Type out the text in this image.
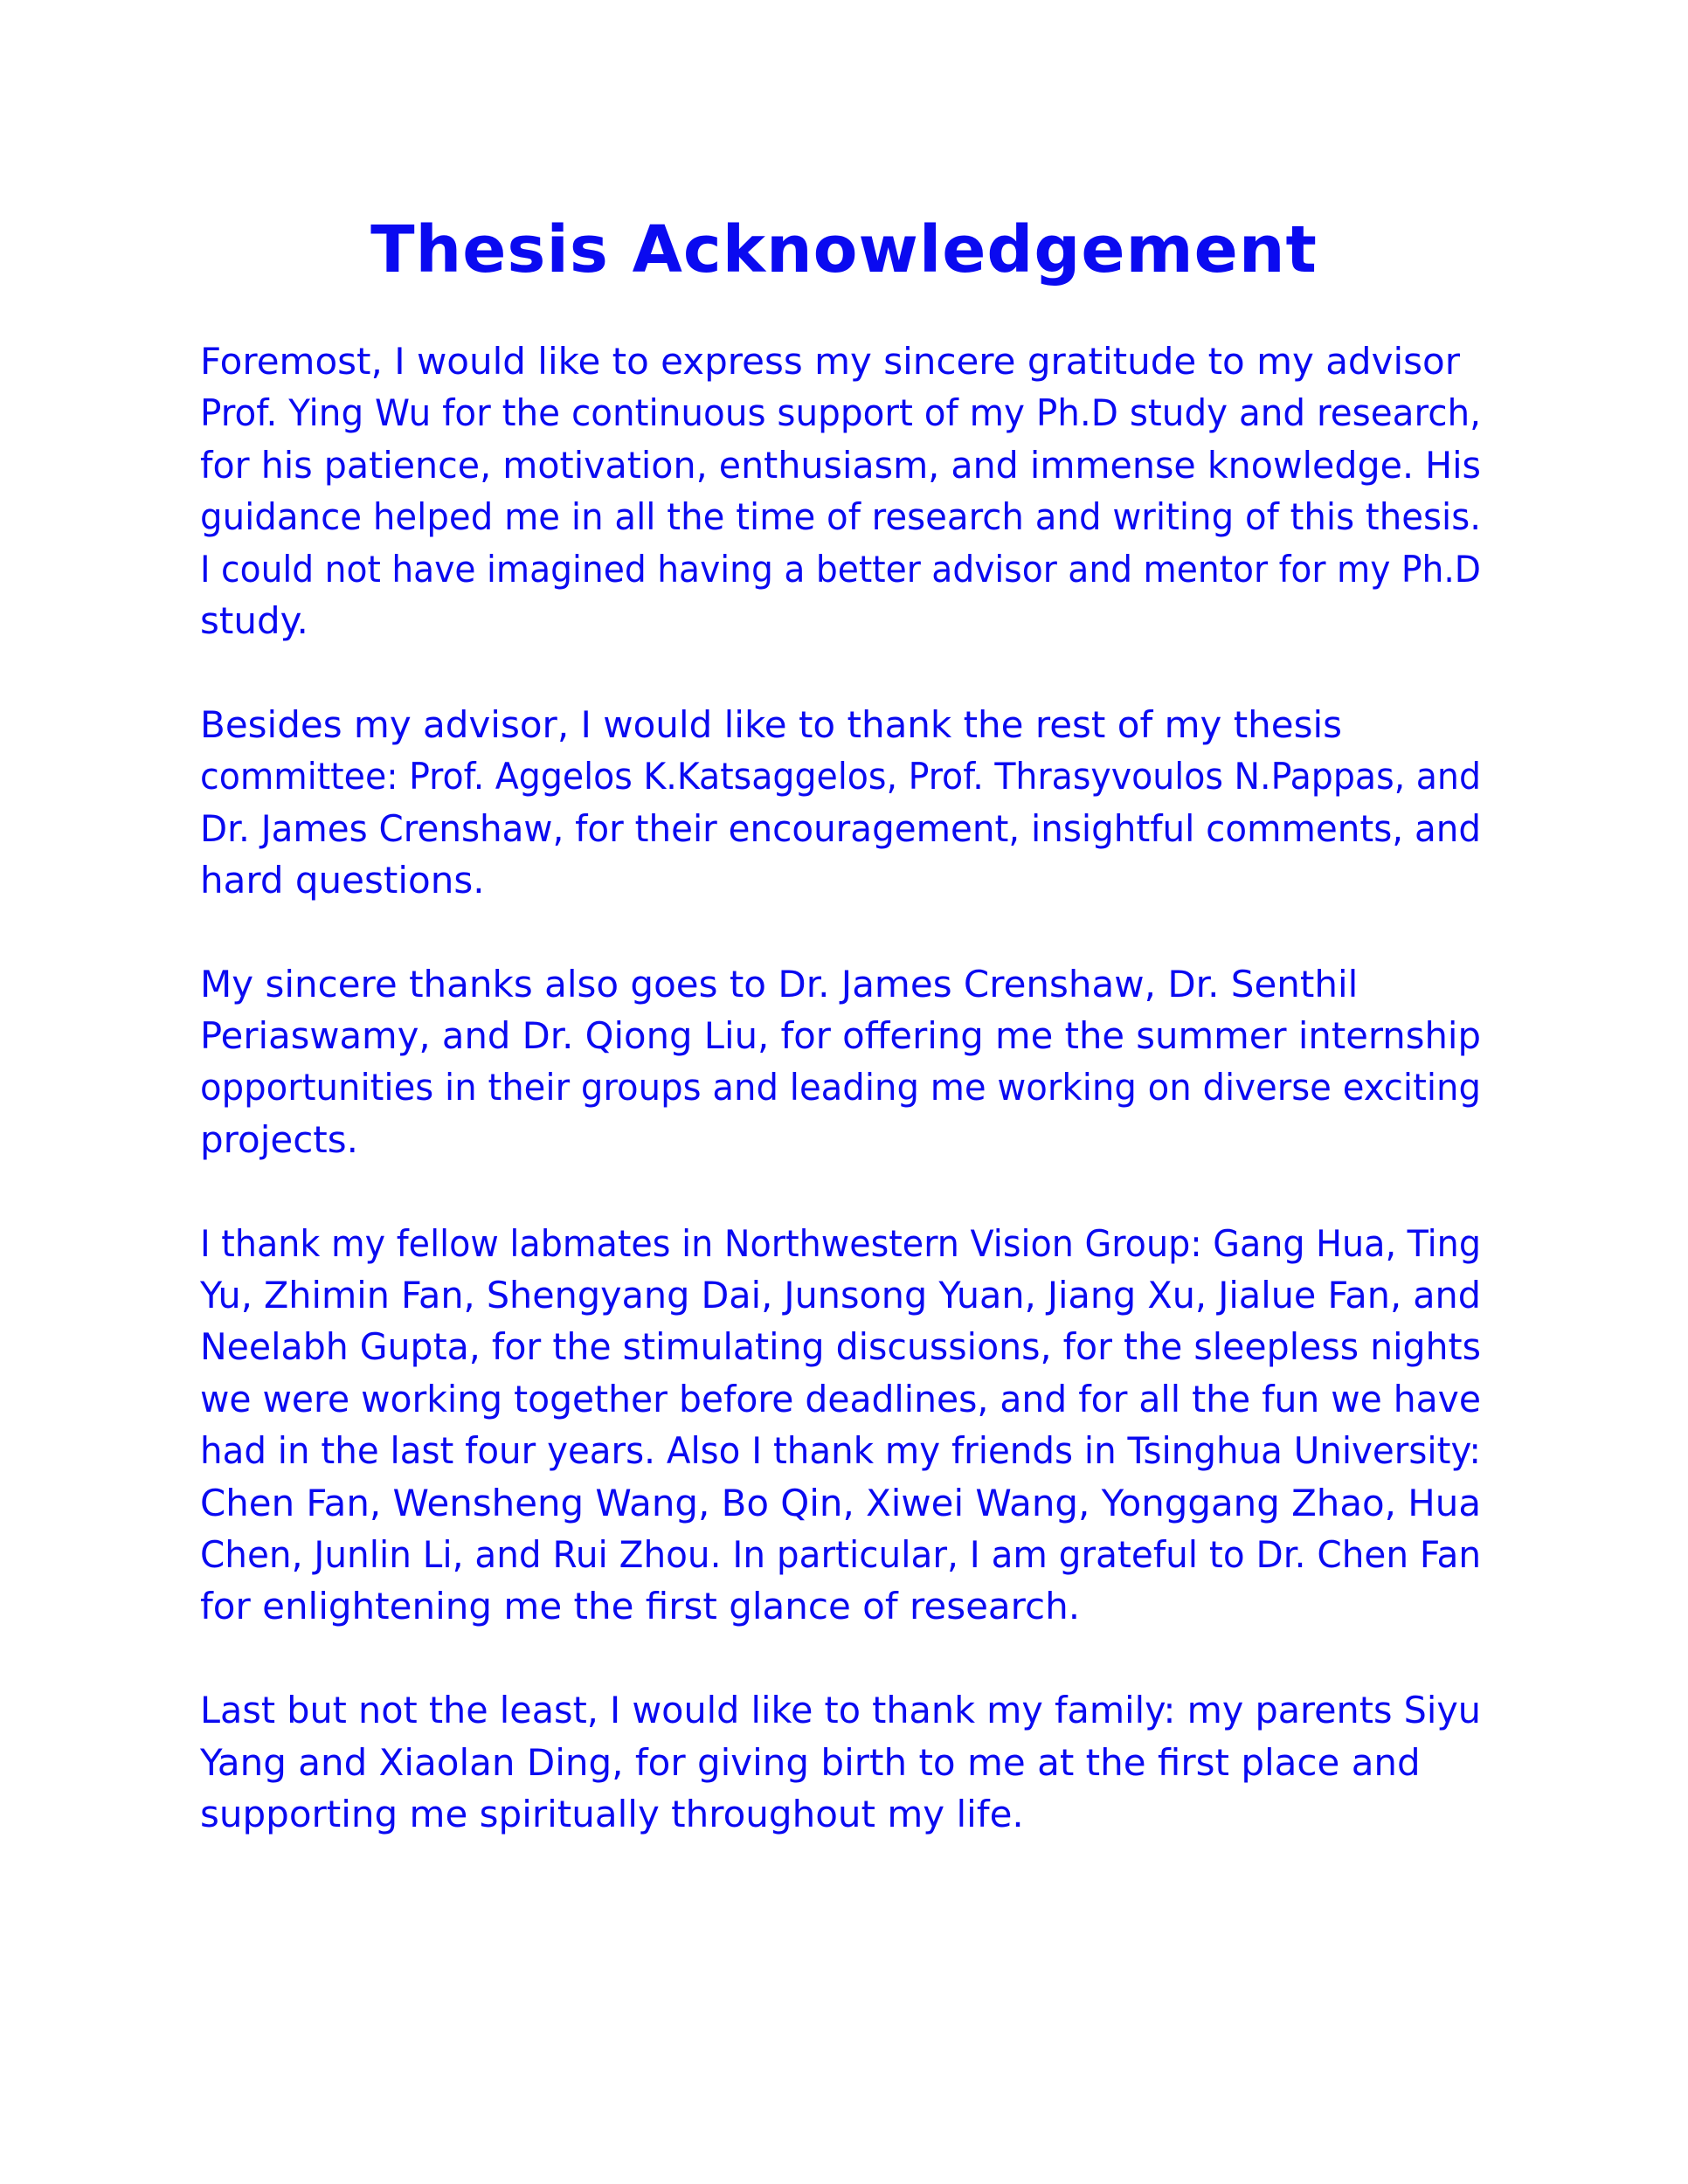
Thesis Acknowledgement

Foremost, I would like to express my sincere gratitude to my advisor
Prof. Ying Wu for the continuous support of my Ph.D study and research,
for his patience, motivation, enthusiasm, and immense knowledge. His
guidance helped me in all the time of research and writing of this thesis.
I could not have imagined having a better advisor and mentor for my Ph.D
study.

Besides my advisor, I would like to thank the rest of my thesis
committee: Prof. Aggelos K.Katsaggelos, Prof. Thrasyvoulos N.Pappas, and
Dr. James Crenshaw, for their encouragement, insightful comments, and
hard questions.

My sincere thanks also goes to Dr. James Crenshaw, Dr. Senthil
Periaswamy, and Dr. Qiong Liu, for offering me the summer internship
opportunities in their groups and leading me working on diverse exciting
projects.

I thank my fellow labmates in Northwestern Vision Group: Gang Hua, Ting
Yu, Zhimin Fan, Shengyang Dai, Junsong Yuan, Jiang Xu, Jialue Fan, and
Neelabh Gupta, for the stimulating discussions, for the sleepless nights
we were working together before deadlines, and for all the fun we have
had in the last four years. Also I thank my friends in Tsinghua University:
Chen Fan, Wensheng Wang, Bo Qin, Xiwei Wang, Yonggang Zhao, Hua
Chen, Junlin Li, and Rui Zhou. In particular, I am grateful to Dr. Chen Fan
for enlightening me the first glance of research.

Last but not the least, I would like to thank my family: my parents Siyu
Yang and Xiaolan Ding, for giving birth to me at the first place and
supporting me spiritually throughout my life.
